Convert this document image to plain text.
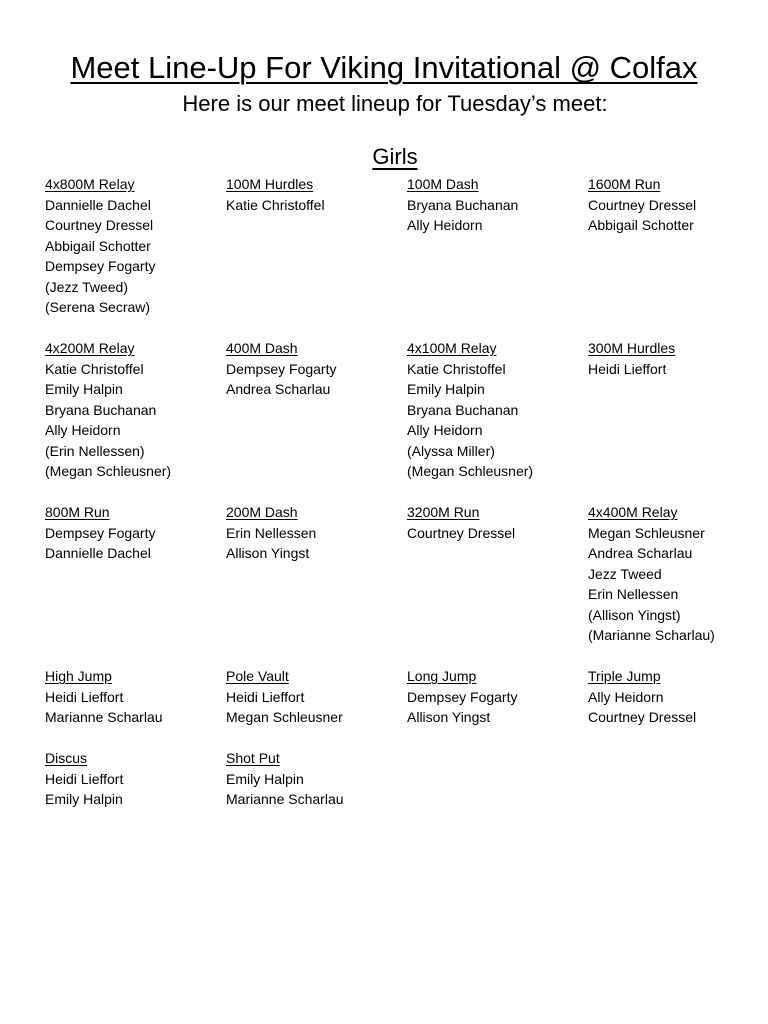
Meet Line-Up For Viking Invitational @ Colfax
Here is our meet lineup for Tuesday’s meet:
Girls
4x800M Relay
Dannielle Dachel
Courtney Dressel
Abbigail Schotter
Dempsey Fogarty
(Jezz Tweed)
(Serena Secraw)
100M Hurdles
Katie Christoffel
100M Dash
Bryana Buchanan
Ally Heidorn
1600M Run
Courtney Dressel
Abbigail Schotter
4x200M Relay
Katie Christoffel
Emily Halpin
Bryana Buchanan
Ally Heidorn
(Erin Nellessen)
(Megan Schleusner)
400M Dash
Dempsey Fogarty
Andrea Scharlau
4x100M Relay
Katie Christoffel
Emily Halpin
Bryana Buchanan
Ally Heidorn
(Alyssa Miller)
(Megan Schleusner)
300M Hurdles
Heidi Lieffort
800M Run
Dempsey Fogarty
Dannielle Dachel
200M Dash
Erin Nellessen
Allison Yingst
3200M Run
Courtney Dressel
4x400M Relay
Megan Schleusner
Andrea Scharlau
Jezz Tweed
Erin Nellessen
(Allison Yingst)
(Marianne Scharlau)
High Jump
Heidi Lieffort
Marianne Scharlau
Pole Vault
Heidi Lieffort
Megan Schleusner
Long Jump
Dempsey Fogarty
Allison Yingst
Triple Jump
Ally Heidorn
Courtney Dressel
Discus
Heidi Lieffort
Emily Halpin
Shot Put
Emily Halpin
Marianne Scharlau
